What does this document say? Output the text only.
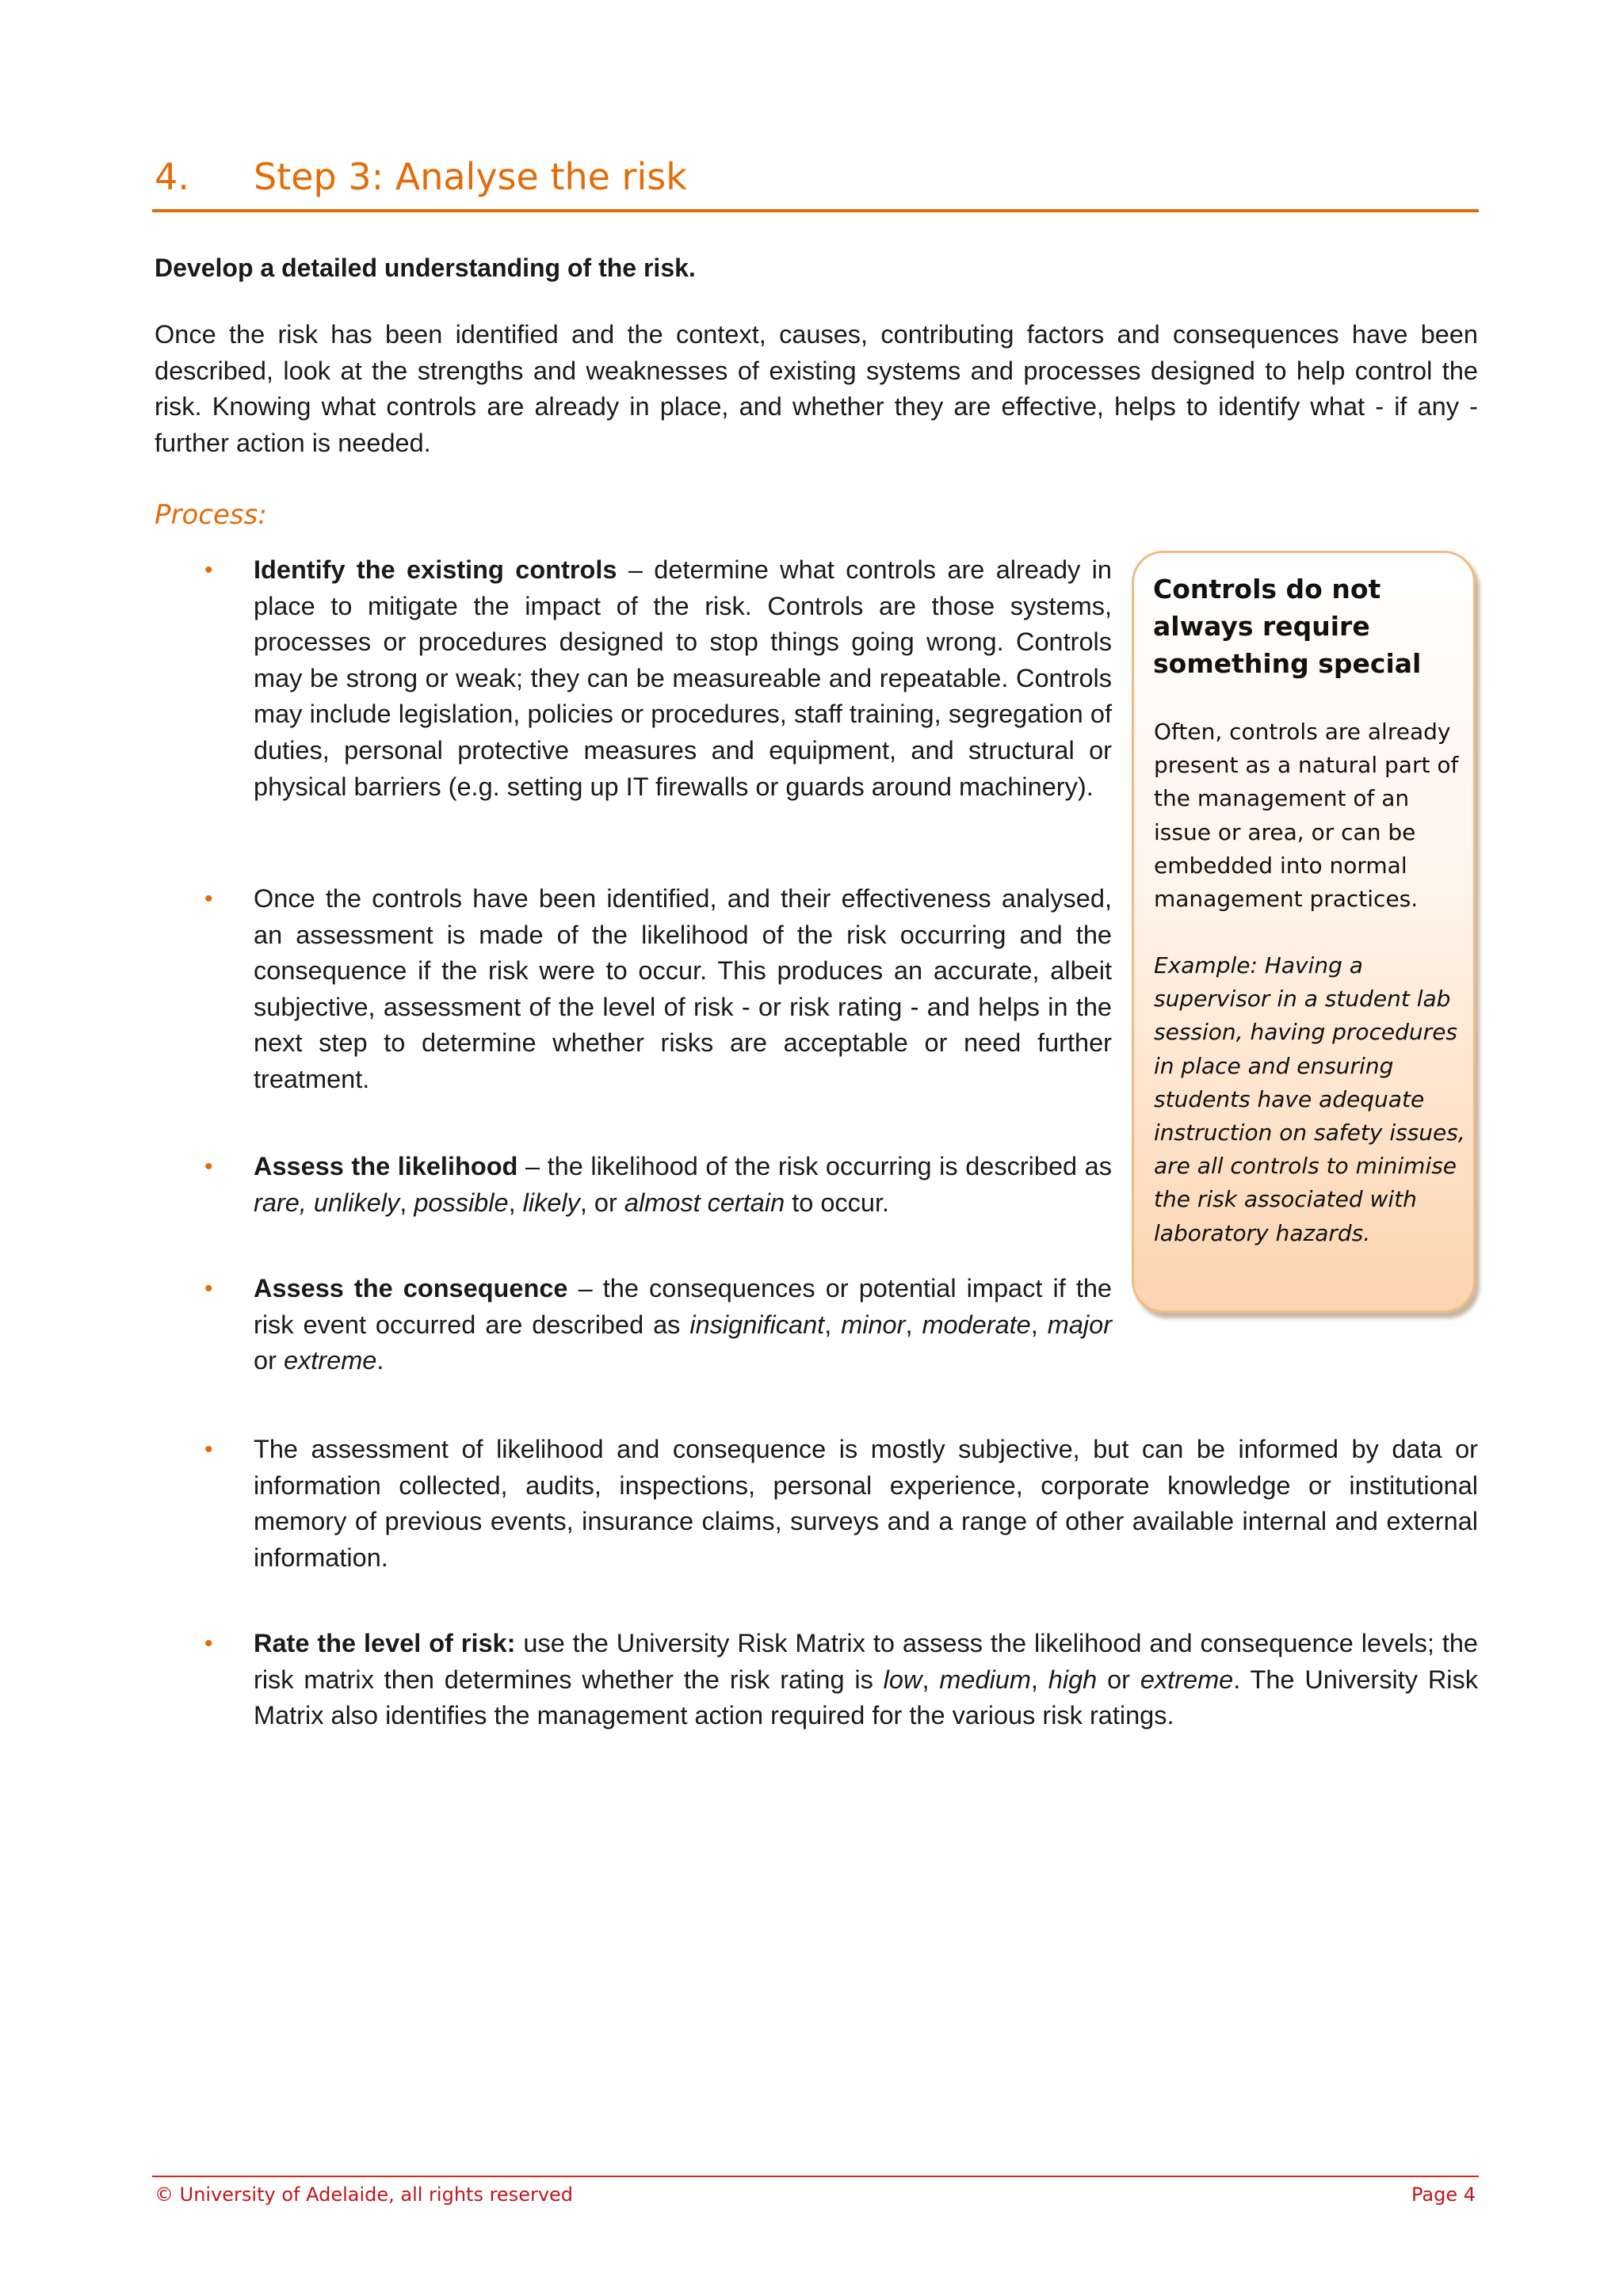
4. Step 3: Analyse the risk
Develop a detailed understanding of the risk.
Once the risk has been identified and the context, causes, contributing factors and consequences have been described, look at the strengths and weaknesses of existing systems and processes designed to help control the risk. Knowing what controls are already in place, and whether they are effective, helps to identify what - if any - further action is needed.
Process:
• Identify the existing controls – determine what controls are already in place to mitigate the impact of the risk. Controls are those systems, processes or procedures designed to stop things going wrong. Controls may be strong or weak; they can be measureable and repeatable. Controls may include legislation, policies or procedures, staff training, segregation of duties, personal protective measures and equipment, and structural or physical barriers (e.g. setting up IT firewalls or guards around machinery).
• Once the controls have been identified, and their effectiveness analysed, an assessment is made of the likelihood of the risk occurring and the consequence if the risk were to occur. This produces an accurate, albeit subjective, assessment of the level of risk - or risk rating - and helps in the next step to determine whether risks are acceptable or need further treatment.
• Assess the likelihood – the likelihood of the risk occurring is described as rare, unlikely, possible, likely, or almost certain to occur.
• Assess the consequence – the consequences or potential impact if the risk event occurred are described as insignificant, minor, moderate, major or extreme.
• The assessment of likelihood and consequence is mostly subjective, but can be informed by data or information collected, audits, inspections, personal experience, corporate knowledge or institutional memory of previous events, insurance claims, surveys and a range of other available internal and external information.
• Rate the level of risk: use the University Risk Matrix to assess the likelihood and consequence levels; the risk matrix then determines whether the risk rating is low, medium, high or extreme. The University Risk Matrix also identifies the management action required for the various risk ratings.
Controls do not always require something special
Often, controls are already present as a natural part of the management of an issue or area, or can be embedded into normal management practices.
Example: Having a supervisor in a student lab session, having procedures in place and ensuring students have adequate instruction on safety issues, are all controls to minimise the risk associated with laboratory hazards.
© University of Adelaide, all rights reserved	Page 4
